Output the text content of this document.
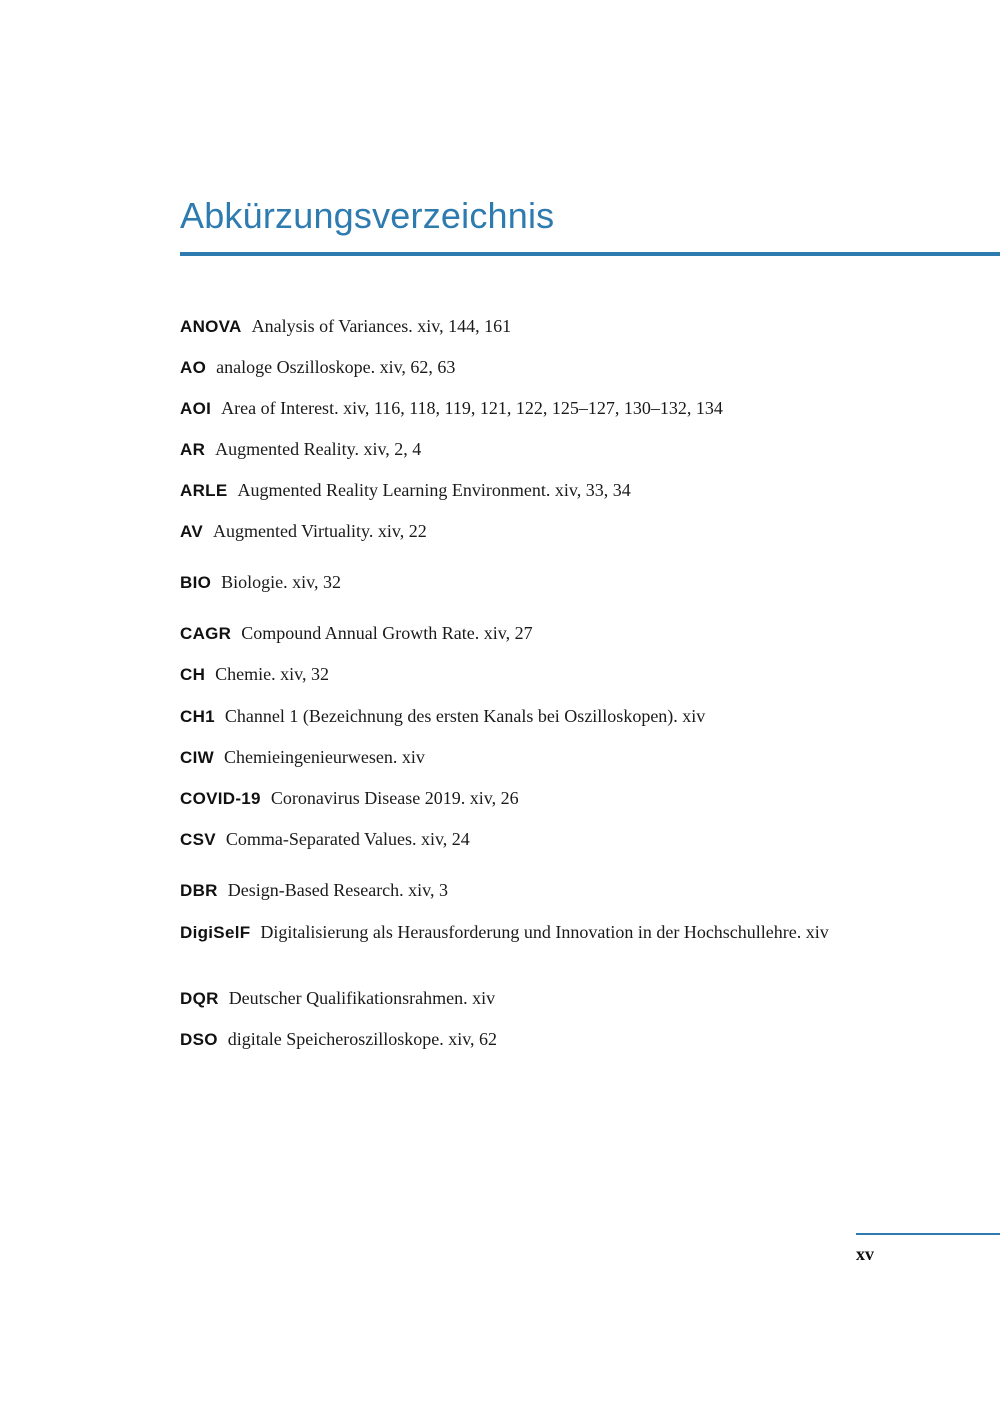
Abkürzungsverzeichnis
ANOVA Analysis of Variances. xiv, 144, 161
AO analoge Oszilloskope. xiv, 62, 63
AOI Area of Interest. xiv, 116, 118, 119, 121, 122, 125–127, 130–132, 134
AR Augmented Reality. xiv, 2, 4
ARLE Augmented Reality Learning Environment. xiv, 33, 34
AV Augmented Virtuality. xiv, 22
BIO Biologie. xiv, 32
CAGR Compound Annual Growth Rate. xiv, 27
CH Chemie. xiv, 32
CH1 Channel 1 (Bezeichnung des ersten Kanals bei Oszilloskopen). xiv
CIW Chemieingenieurwesen. xiv
COVID-19 Coronavirus Disease 2019. xiv, 26
CSV Comma-Separated Values. xiv, 24
DBR Design-Based Research. xiv, 3
DigiSelF Digitalisierung als Herausforderung und Innovation in der Hochschullehre. xiv
DQR Deutscher Qualifikationsrahmen. xiv
DSO digitale Speicheroszilloskope. xiv, 62
xv
